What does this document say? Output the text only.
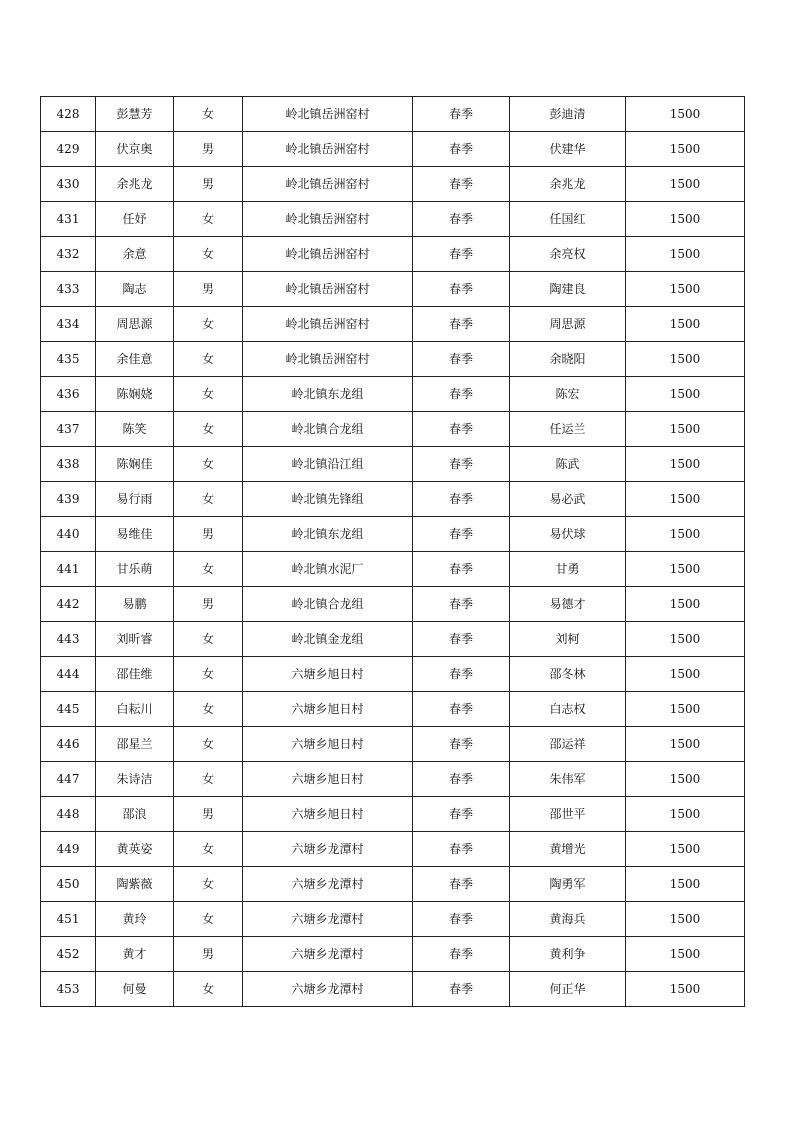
428	彭慧芳	女	岭北镇岳洲窑村	春季	彭迪清	1500
429	伏京奥	男	岭北镇岳洲窑村	春季	伏建华	1500
430	余兆龙	男	岭北镇岳洲窑村	春季	余兆龙	1500
431	任妤	女	岭北镇岳洲窑村	春季	任国红	1500
432	余意	女	岭北镇岳洲窑村	春季	余亮权	1500
433	陶志	男	岭北镇岳洲窑村	春季	陶建良	1500
434	周思源	女	岭北镇岳洲窑村	春季	周思源	1500
435	余佳意	女	岭北镇岳洲窑村	春季	余晓阳	1500
436	陈娴娆	女	岭北镇东龙组	春季	陈宏	1500
437	陈笑	女	岭北镇合龙组	春季	任运兰	1500
438	陈娴佳	女	岭北镇沿江组	春季	陈武	1500
439	易行雨	女	岭北镇先锋组	春季	易必武	1500
440	易维佳	男	岭北镇东龙组	春季	易伏球	1500
441	甘乐萌	女	岭北镇水泥厂	春季	甘勇	1500
442	易鹏	男	岭北镇合龙组	春季	易德才	1500
443	刘昕睿	女	岭北镇金龙组	春季	刘柯	1500
444	邵佳维	女	六塘乡旭日村	春季	邵冬林	1500
445	白耘川	女	六塘乡旭日村	春季	白志权	1500
446	邵星兰	女	六塘乡旭日村	春季	邵运祥	1500
447	朱诗洁	女	六塘乡旭日村	春季	朱伟军	1500
448	邵浪	男	六塘乡旭日村	春季	邵世平	1500
449	黄英姿	女	六塘乡龙潭村	春季	黄增光	1500
450	陶紫薇	女	六塘乡龙潭村	春季	陶勇军	1500
451	黄玲	女	六塘乡龙潭村	春季	黄海兵	1500
452	黄才	男	六塘乡龙潭村	春季	黄利争	1500
453	何曼	女	六塘乡龙潭村	春季	何正华	1500
